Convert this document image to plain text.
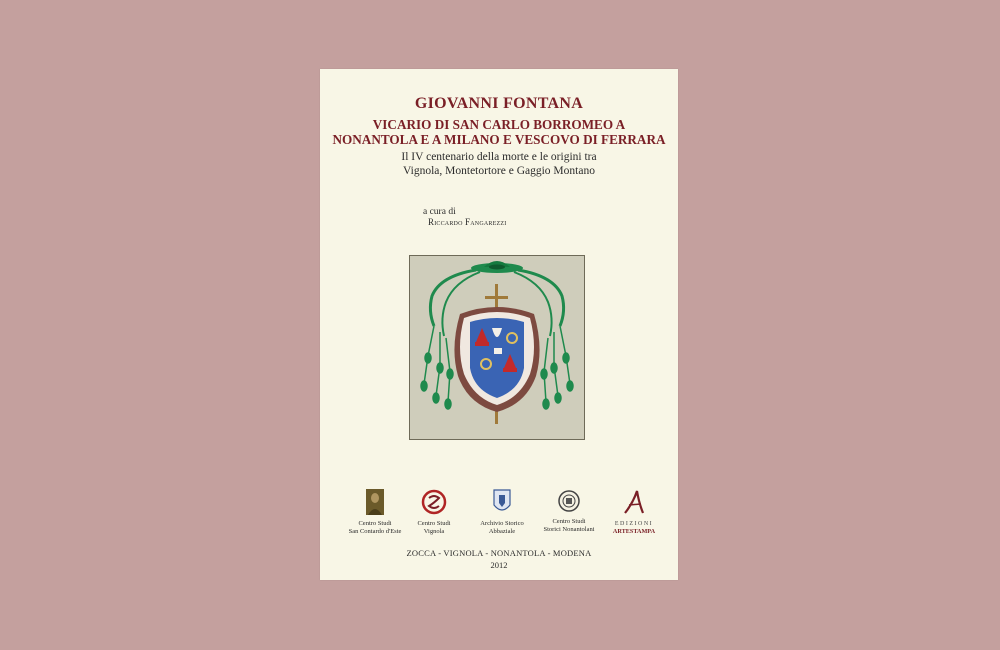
GIOVANNI FONTANA
VICARIO DI SAN CARLO BORROMEO A
NONANTOLA E A MILANO E VESCOVO DI FERRARA
Il IV centenario della morte e le origini tra
Vignola, Montetortore e Gaggio Montano
a cura di
Riccardo Fangarezzi
Centro Studi
San Contardo d'Este
Centro Studi
Vignola
Archivio Storico
Abbaziale
Centro Studi
Storici Nonantolani
EDIZIONI
ARTESTAMPA
ZOCCA - VIGNOLA - NONANTOLA - MODENA
2012
